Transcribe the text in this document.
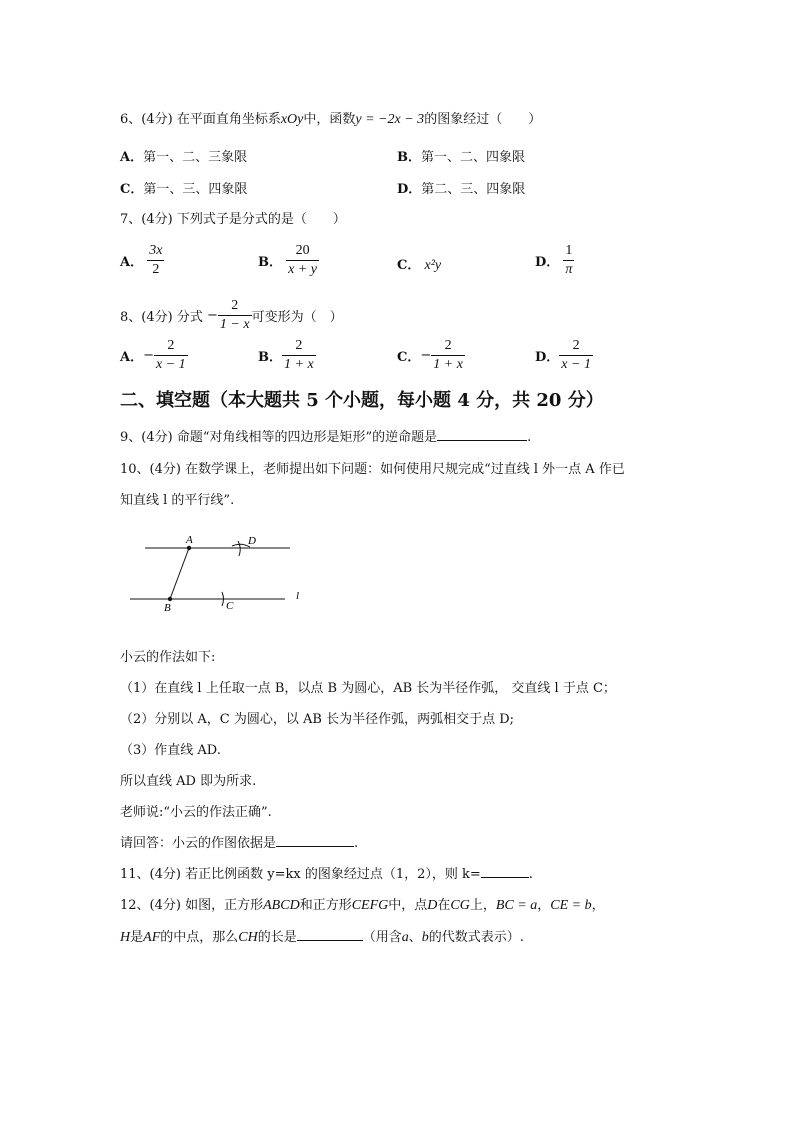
6、(4分) 在平面直角坐标系xOy中，函数y = −2x − 3的图象经过（　　）
A．第一、二、三象限	B．第一、二、四象限
C．第一、三、四象限	D．第二、三、四象限
7、(4分) 下列式子是分式的是（　　）
A． $\frac{3x}{2}$	B． $\frac{20}{x + y}$	C． x²y	D． $\frac{1}{\pi}$
8、(4分) 分式 − $\frac{2}{1 - x}$ 可变形为（　）
A．− $\frac{2}{x - 1}$	B． $\frac{2}{1 + x}$	C．− $\frac{2}{1 + x}$	D． $\frac{2}{x - 1}$
二、填空题（本大题共 5 个小题，每小题 4 分，共 20 分）
9、(4分) 命题“对角线相等的四边形是矩形”的逆命题是	.
10、(4分) 在数学课上，老师提出如下问题：如何使用尺规完成“过直线 l 外一点 A 作已
知直线 l 的平行线”.
A	D
B	C
l
小云的作法如下:
（1）在直线 l 上任取一点 B，以点 B 为圆心，AB 长为半径作弧， 交直线 l 于点 C；
（2）分别以 A，C 为圆心，以 AB 长为半径作弧，两弧相交于点 D;
（3）作直线 AD.
所以直线 AD 即为所求.
老师说:“小云的作法正确”.
请回答：小云的作图依据是	.
11、(4分) 若正比例函数 y=kx 的图象经过点（1，2），则 k=	.
12、(4分) 如图，正方形ABCD和正方形CEFG中，点D在CG上，BC = a，CE = b，
H是AF的中点，那么CH的长是	（用含a、b的代数式表示）.
